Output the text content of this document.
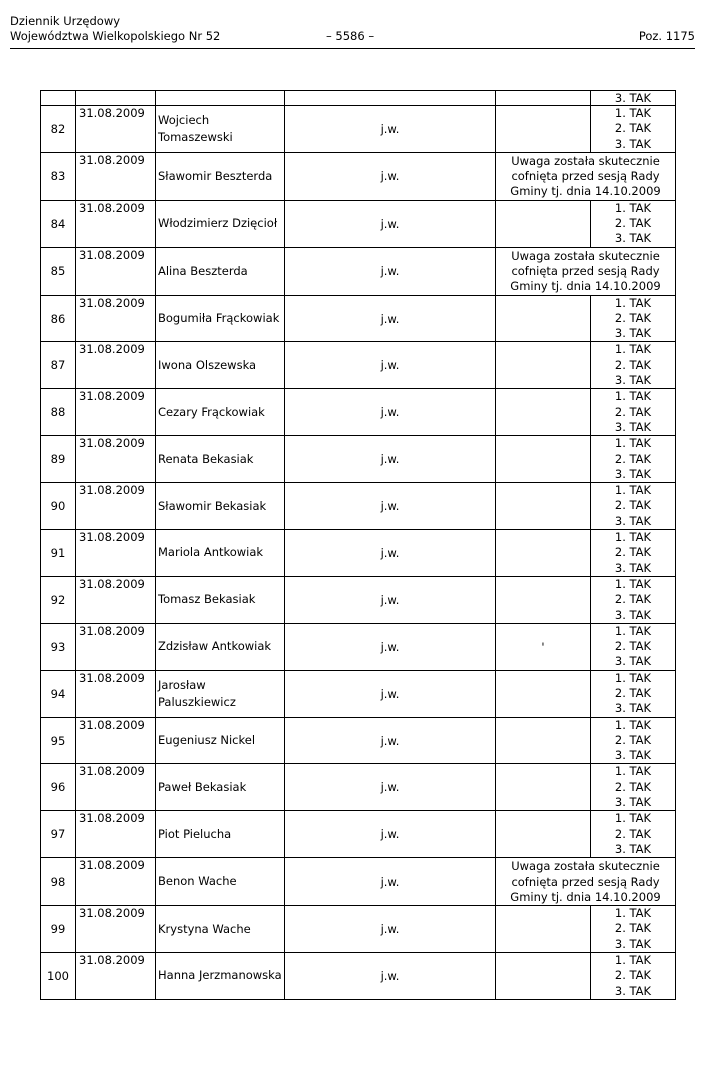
Dziennik Urzędowy
Województwa Wielkopolskiego Nr 52	– 5586 –	Poz. 1175
					3. TAK
82	31.08.2009	Wojciech Tomaszewski	j.w.		1. TAK
2. TAK
3. TAK

83	31.08.2009	Sławomir Beszterda	j.w.	Uwaga została skutecznie
cofnięta przed sesją Rady
Gminy tj. dnia 14.10.2009	

84	31.08.2009	Włodzimierz Dzięcioł	j.w.		1. TAK
2. TAK
3. TAK

85	31.08.2009	Alina Beszterda	j.w.	Uwaga została skutecznie
cofnięta przed sesją Rady
Gminy tj. dnia 14.10.2009	

86	31.08.2009	Bogumiła Frąckowiak	j.w.		1. TAK
2. TAK
3. TAK

87	31.08.2009	Iwona Olszewska	j.w.		1. TAK
2. TAK
3. TAK

88	31.08.2009	Cezary Frąckowiak	j.w.		1. TAK
2. TAK
3. TAK

89	31.08.2009	Renata Bekasiak	j.w.		1. TAK
2. TAK
3. TAK

90	31.08.2009	Sławomir Bekasiak	j.w.		1. TAK
2. TAK
3. TAK

91	31.08.2009	Mariola Antkowiak	j.w.		1. TAK
2. TAK
3. TAK

92	31.08.2009	Tomasz Bekasiak	j.w.		1. TAK
2. TAK
3. TAK

93	31.08.2009	Zdzisław Antkowiak	j.w.	'	1. TAK
2. TAK
3. TAK

94	31.08.2009	Jarosław Paluszkiewicz	j.w.		1. TAK
2. TAK
3. TAK

95	31.08.2009	Eugeniusz Nickel	j.w.		1. TAK
2. TAK
3. TAK

96	31.08.2009	Paweł Bekasiak	j.w.		1. TAK
2. TAK
3. TAK

97	31.08.2009	Piot Pielucha	j.w.		1. TAK
2. TAK
3. TAK

98	31.08.2009	Benon Wache	j.w.	Uwaga została skutecznie
cofnięta przed sesją Rady
Gminy tj. dnia 14.10.2009	

99	31.08.2009	Krystyna Wache	j.w.		1. TAK
2. TAK
3. TAK

100	31.08.2009	Hanna Jerzmanowska	j.w.		1. TAK
2. TAK
3. TAK
